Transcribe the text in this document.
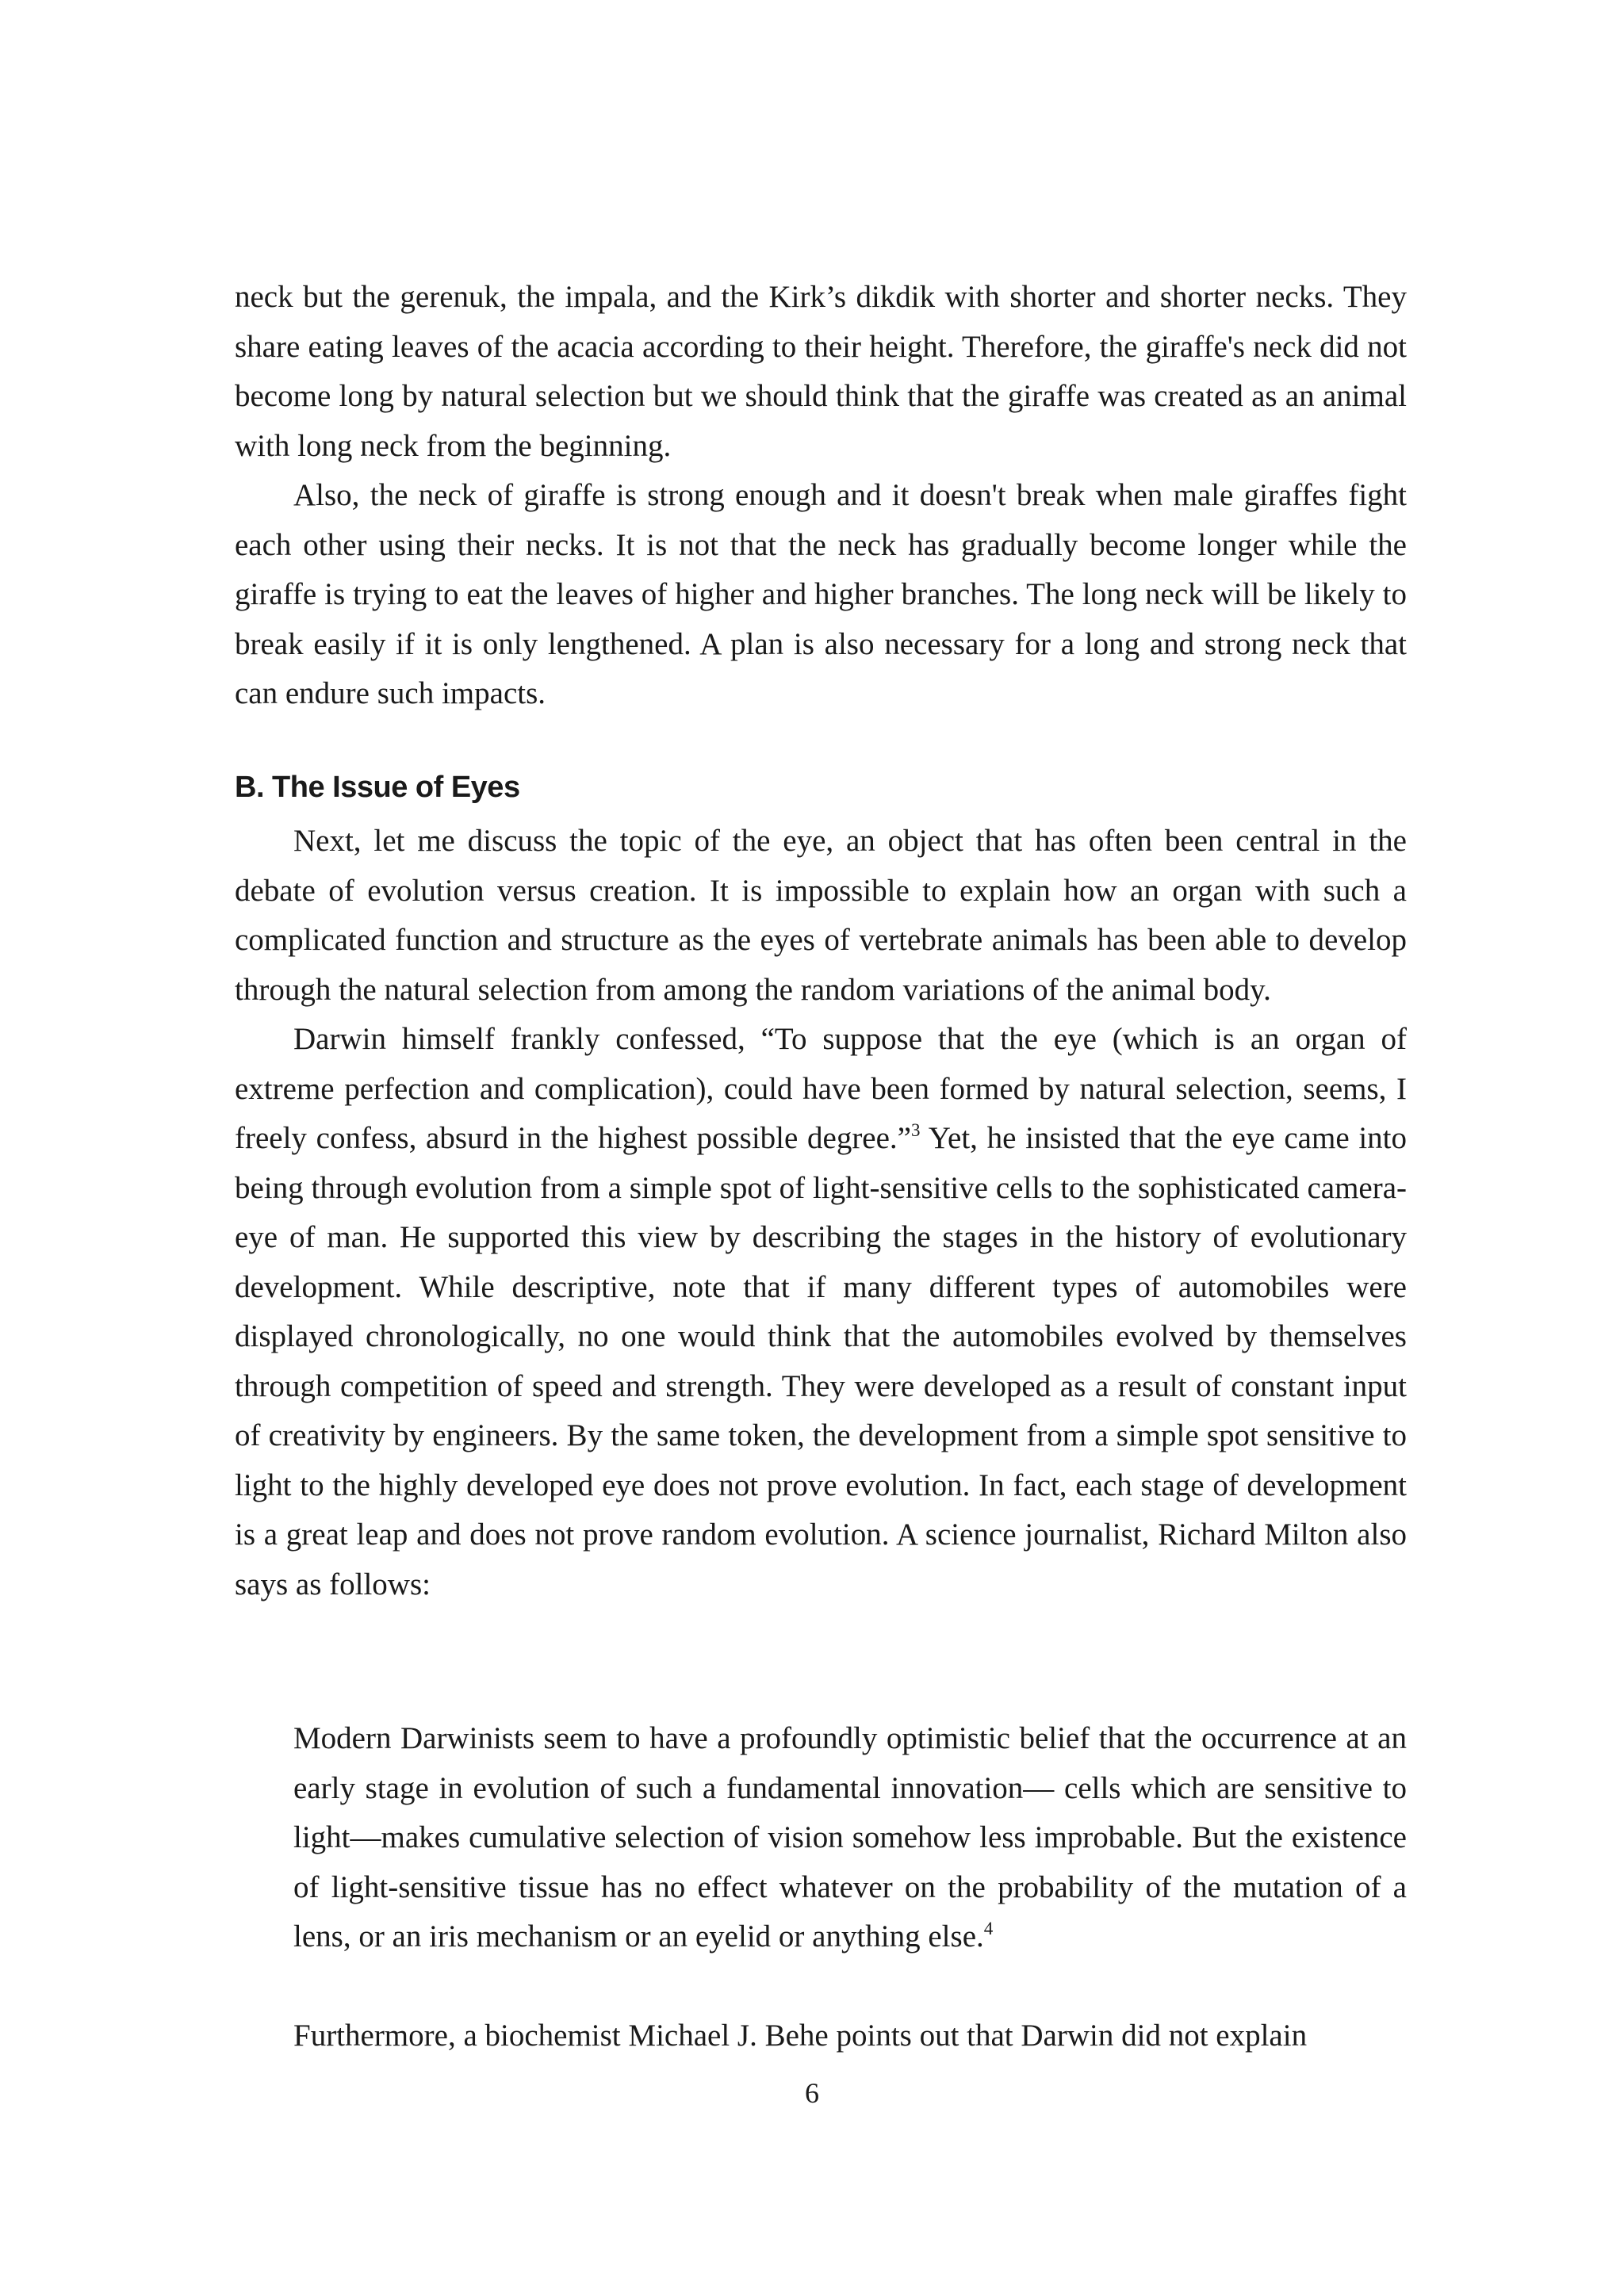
neck but the gerenuk, the impala, and the Kirk’s dikdik with shorter and shorter necks. They share eating leaves of the acacia according to their height. Therefore, the giraffe's neck did not become long by natural selection but we should think that the giraffe was created as an animal with long neck from the beginning.

Also, the neck of giraffe is strong enough and it doesn't break when male giraffes fight each other using their necks. It is not that the neck has gradually become longer while the giraffe is trying to eat the leaves of higher and higher branches. The long neck will be likely to break easily if it is only lengthened. A plan is also necessary for a long and strong neck that can endure such impacts.

B. The Issue of Eyes

Next, let me discuss the topic of the eye, an object that has often been central in the debate of evolution versus creation. It is impossible to explain how an organ with such a complicated function and structure as the eyes of vertebrate animals has been able to develop through the natural selection from among the random variations of the animal body.

Darwin himself frankly confessed, “To suppose that the eye (which is an organ of extreme perfection and complication), could have been formed by natural selection, seems, I freely confess, absurd in the highest possible degree.”$^3$ Yet, he insisted that the eye came into being through evolution from a simple spot of light-sensitive cells to the sophisticated camera-eye of man. He supported this view by describing the stages in the history of evolutionary development. While descriptive, note that if many different types of automobiles were displayed chronologically, no one would think that the automobiles evolved by themselves through competition of speed and strength. They were developed as a result of constant input of creativity by engineers. By the same token, the development from a simple spot sensitive to light to the highly developed eye does not prove evolution. In fact, each stage of development is a great leap and does not prove random evolution. A science journalist, Richard Milton also says as follows:

Modern Darwinists seem to have a profoundly optimistic belief that the occurrence at an early stage in evolution of such a fundamental innovation— cells which are sensitive to light—makes cumulative selection of vision somehow less improbable. But the existence of light-sensitive tissue has no effect whatever on the probability of the mutation of a lens, or an iris mechanism or an eyelid or anything else.$^4$

Furthermore, a biochemist Michael J. Behe points out that Darwin did not explain

6
